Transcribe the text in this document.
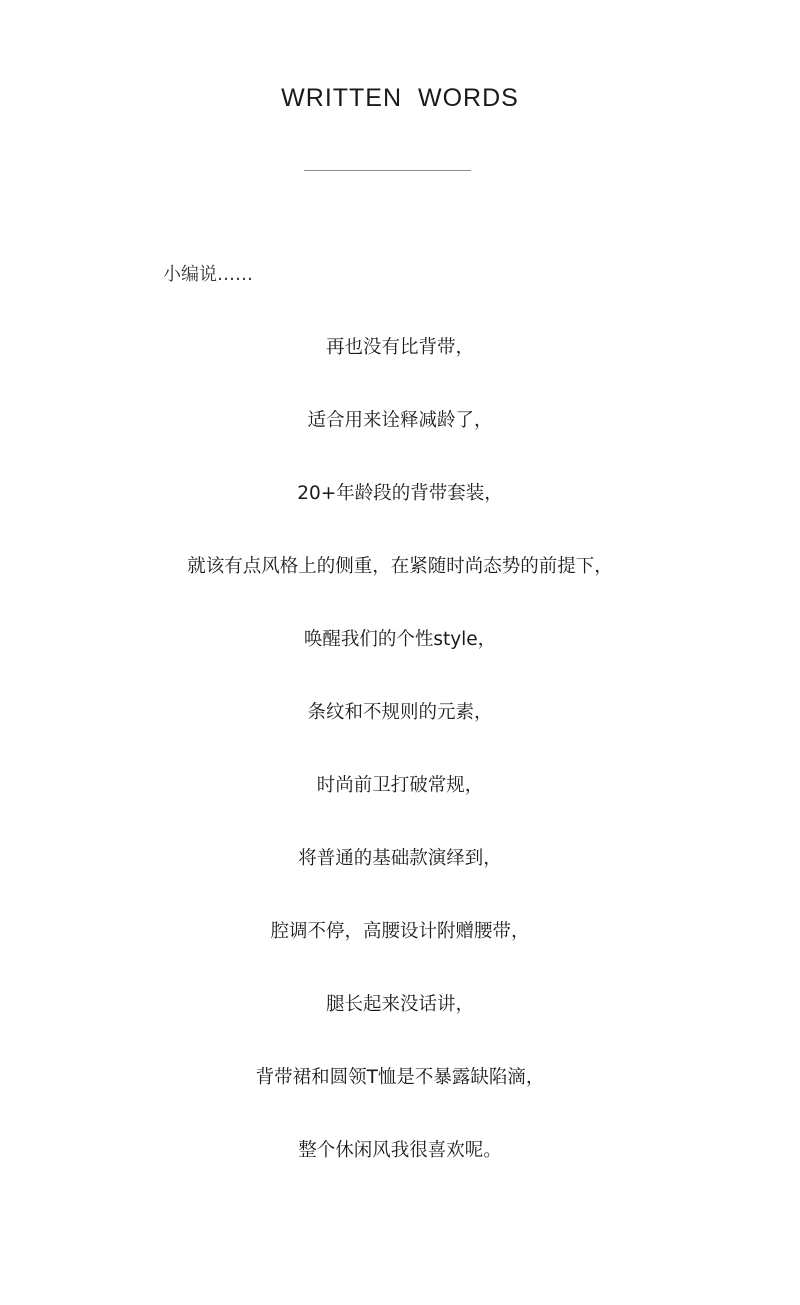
WRITTEN WORDS
小编说……
再也没有比背带，
适合用来诠释减龄了，
20+年龄段的背带套装，
就该有点风格上的侧重，在紧随时尚态势的前提下，
唤醒我们的个性style，
条纹和不规则的元素，
时尚前卫打破常规，
将普通的基础款演绎到，
腔调不停，高腰设计附赠腰带，
腿长起来没话讲，
背带裙和圆领T恤是不暴露缺陷滴，
整个休闲风我很喜欢呢。
